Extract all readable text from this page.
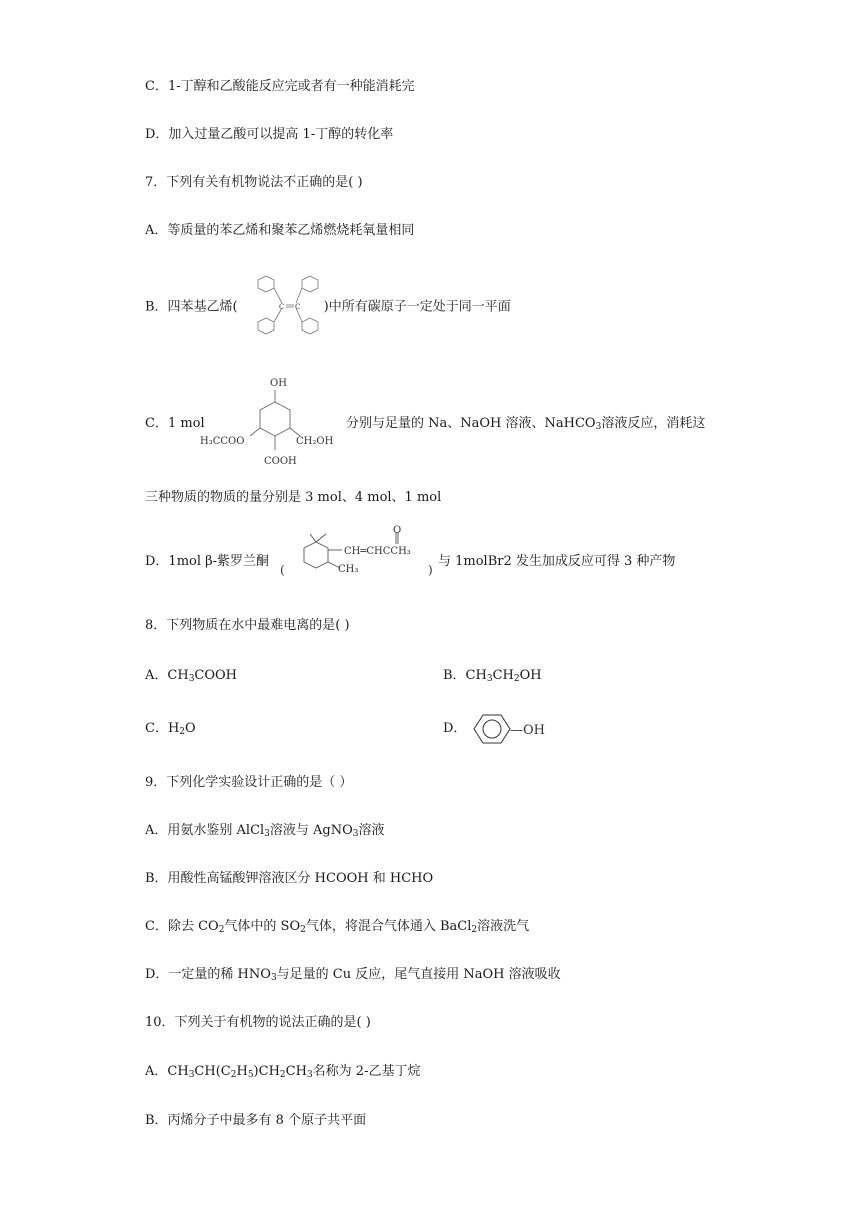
C．1-丁醇和乙酸能反应完或者有一种能消耗完
D．加入过量乙酸可以提高 1-丁醇的转化率
7．下列有关有机物说法不正确的是( )
A．等质量的苯乙烯和聚苯乙烯燃烧耗氧量相同
B．四苯基乙烯(	)中所有碳原子一定处于同一平面
C C
C．1 mol
OH
H₃CCOO	CH₂OH
COOH
分别与足量的 Na、NaOH 溶液、NaHCO$_3$溶液反应，消耗这
三种物质的物质的量分别是 3 mol、4 mol、1 mol
D．1mol β-紫罗兰酮
(
O
CH═CHCCH₃
CH₃	)
与 1molBr2 发生加成反应可得 3 种产物
8．下列物质在水中最难电离的是( )
A．$CH_3COOH$	B．$CH_3CH_2OH$
C．$H_2O$	D．	—OH
9．下列化学实验设计正确的是（ ）
A．用氨水鉴别 AlCl$_3$溶液与 AgNO$_3$溶液
B．用酸性高锰酸钾溶液区分 HCOOH 和 HCHO
C．除去 $CO_2$气体中的 $SO_2$气体，将混合气体通入 BaCl$_2$溶液洗气
D．一定量的稀 $HNO_3$与足量的 Cu 反应，尾气直接用 NaOH 溶液吸收
10．下列关于有机物的说法正确的是( )
A．$CH_3CH(C_2H_5)CH_2CH_3$名称为 2-乙基丁烷
B．丙烯分子中最多有 8 个原子共平面
